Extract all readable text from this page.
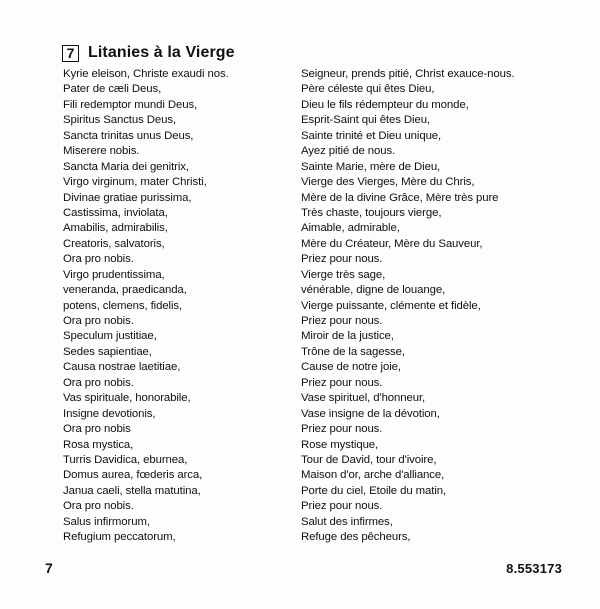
7 Litanies à la Vierge
Kyrie eleison, Christe exaudi nos.
Pater de cæli Deus,
Fili redemptor mundi Deus,
Spiritus Sanctus Deus,
Sancta trinitas unus Deus,
Miserere nobis.
Sancta Maria dei genitrix,
Virgo virginum, mater Christi,
Divinae gratiae purissima,
Castissima, inviolata,
Amabilis, admirabilis,
Creatoris, salvatoris,
Ora pro nobis.
Virgo prudentissima,
veneranda, praedicanda,
potens, clemens, fidelis,
Ora pro nobis.
Speculum justitiae,
Sedes sapientiae,
Causa nostrae laetitiae,
Ora pro nobis.
Vas spirituale, honorabile,
Insigne devotionis,
Ora pro nobis
Rosa mystica,
Turris Davidica, eburnea,
Domus aurea, fœderis arca,
Janua caeli, stella matutina,
Ora pro nobis.
Salus infirmorum,
Refugium peccatorum,
Seigneur, prends pitié, Christ exauce-nous.
Père céleste qui êtes Dieu,
Dieu le fils rédempteur du monde,
Esprit-Saint qui êtes Dieu,
Sainte trinité et Dieu unique,
Ayez pitié de nous.
Sainte Marie, mère de Dieu,
Vierge des Vierges, Mère du Chris,
Mère de la divine Grâce, Mère très pure
Très chaste, toujours vierge,
Aimable, admirable,
Mère du Créateur, Mère du Sauveur,
Priez pour nous.
Vierge très sage,
vénérable, digne de louange,
Vierge puissante, clémente et fidèle,
Priez pour nous.
Miroir de la justice,
Trône de la sagesse,
Cause de notre joie,
Priez pour nous.
Vase spirituel, d'honneur,
Vase insigne de la dévotion,
Priez pour nous.
Rose mystique,
Tour de David, tour d'ivoire,
Maison d'or, arche d'alliance,
Porte du ciel, Etoile du matin,
Priez pour nous.
Salut des infirmes,
Refuge des pêcheurs,
7	8.553173
